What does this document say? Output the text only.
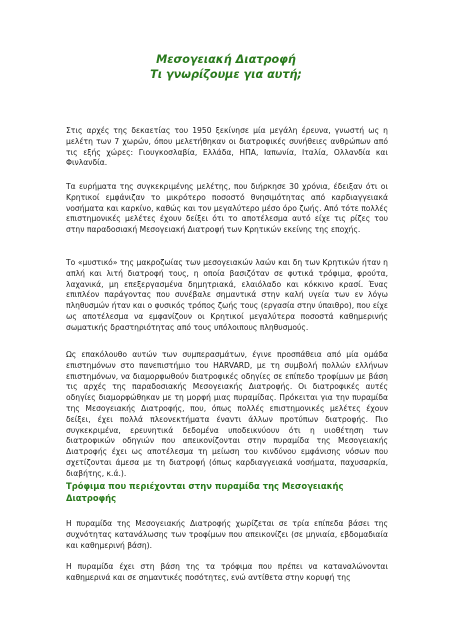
Μεσογειακή Διατροφή
Τι γνωρίζουμε για αυτή;

Στις αρχές της δεκαετίας του 1950 ξεκίνησε μία μεγάλη έρευνα, γνωστή ως η μελέτη των 7 χωρών, όπου μελετήθηκαν οι διατροφικές συνήθειες ανθρώπων από τις εξής χώρες: Γιουγκοσλαβία, Ελλάδα, ΗΠΑ, Ιαπωνία, Ιταλία, Ολλανδία και Φινλανδία.

Τα ευρήματα της συγκεκριμένης μελέτης, που διήρκησε 30 χρόνια, έδειξαν ότι οι Κρητικοί εμφάνιζαν το μικρότερο ποσοστό θνησιμότητας από καρδιαγγειακά νοσήματα και καρκίνο, καθώς και τον μεγαλύτερο μέσο όρο ζωής. Από τότε πολλές επιστημονικές μελέτες έχουν δείξει ότι το αποτέλεσμα αυτό είχε τις ρίζες του στην παραδοσιακή Μεσογειακή Διατροφή των Κρητικών εκείνης της εποχής.

Το «μυστικό» της μακροζωίας των μεσογειακών λαών και δη των Κρητικών ήταν η απλή και λιτή διατροφή τους, η οποία βασιζόταν σε φυτικά τρόφιμα, φρούτα, λαχανικά, μη επεξεργασμένα δημητριακά, ελαιόλαδο και κόκκινο κρασί. Ένας επιπλέον παράγοντας που συνέβαλε σημαντικά στην καλή υγεία των εν λόγω πληθυσμών ήταν και ο φυσικός τρόπος ζωής τους (εργασία στην ύπαιθρο), που είχε ως αποτέλεσμα να εμφανίζουν οι Κρητικοί μεγαλύτερα ποσοστά καθημερινής σωματικής δραστηριότητας από τους υπόλοιπους πληθυσμούς.

Ως επακόλουθο αυτών των συμπερασμάτων, έγινε προσπάθεια από μία ομάδα επιστημόνων στο πανεπιστήμιο του HARVARD, με τη συμβολή πολλών ελλήνων επιστημόνων, να διαμορφωθούν διατροφικές οδηγίες σε επίπεδο τροφίμων με βάση τις αρχές της παραδοσιακής Μεσογειακής Διατροφής. Οι διατροφικές αυτές οδηγίες διαμορφώθηκαν με τη μορφή μιας πυραμίδας. Πρόκειται για την πυραμίδα της Μεσογειακής Διατροφής, που, όπως πολλές επιστημονικές μελέτες έχουν δείξει, έχει πολλά πλεονεκτήματα έναντι άλλων προτύπων διατροφής. Πιο συγκεκριμένα, ερευνητικά δεδομένα υποδεικνύουν ότι η υιοθέτηση των διατροφικών οδηγιών που απεικονίζονται στην πυραμίδα της Μεσογειακής Διατροφής έχει ως αποτέλεσμα τη μείωση του κινδύνου εμφάνισης νόσων που σχετίζονται άμεσα με τη διατροφή (όπως καρδιαγγειακά νοσήματα, παχυσαρκία, διαβήτης, κ.ά.).

Τρόφιμα που περιέχονται στην πυραμίδα της Μεσογειακής Διατροφής

Η πυραμίδα της Μεσογειακής Διατροφής χωρίζεται σε τρία επίπεδα βάσει της συχνότητας κατανάλωσης των τροφίμων που απεικονίζει (σε μηνιαία, εβδομαδιαία και καθημερινή βάση).

Η πυραμίδα έχει στη βάση της τα τρόφιμα που πρέπει να καταναλώνονται καθημερινά και σε σημαντικές ποσότητες, ενώ αντίθετα στην κορυφή της
